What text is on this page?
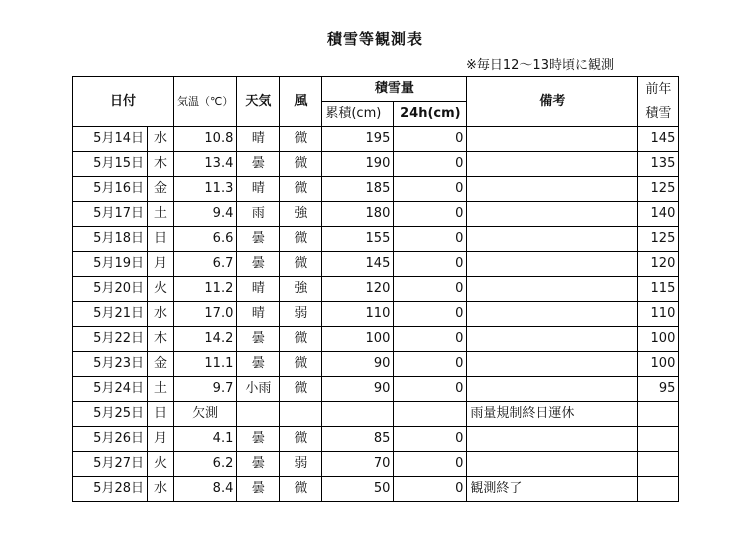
積雪等観測表
※毎日12～13時頃に観測
日付		気温（℃）	天気	風	積雪量		備考	前年
積雪
					累積(cm)	24h(cm)		
5月14日	水	10.8	晴	微	195	0		145
5月15日	木	13.4	曇	微	190	0		135
5月16日	金	11.3	晴	微	185	0		125
5月17日	土	9.4	雨	強	180	0		140
5月18日	日	6.6	曇	微	155	0		125
5月19日	月	6.7	曇	微	145	0		120
5月20日	火	11.2	晴	強	120	0		115
5月21日	水	17.0	晴	弱	110	0		110
5月22日	木	14.2	曇	微	100	0		100
5月23日	金	11.1	曇	微	90	0		100
5月24日	土	9.7	小雨	微	90	0		95
5月25日	日	欠測					雨量規制終日運休	
5月26日	月	4.1	曇	微	85	0		
5月27日	火	6.2	曇	弱	70	0		
5月28日	水	8.4	曇	微	50	0	観測終了	
